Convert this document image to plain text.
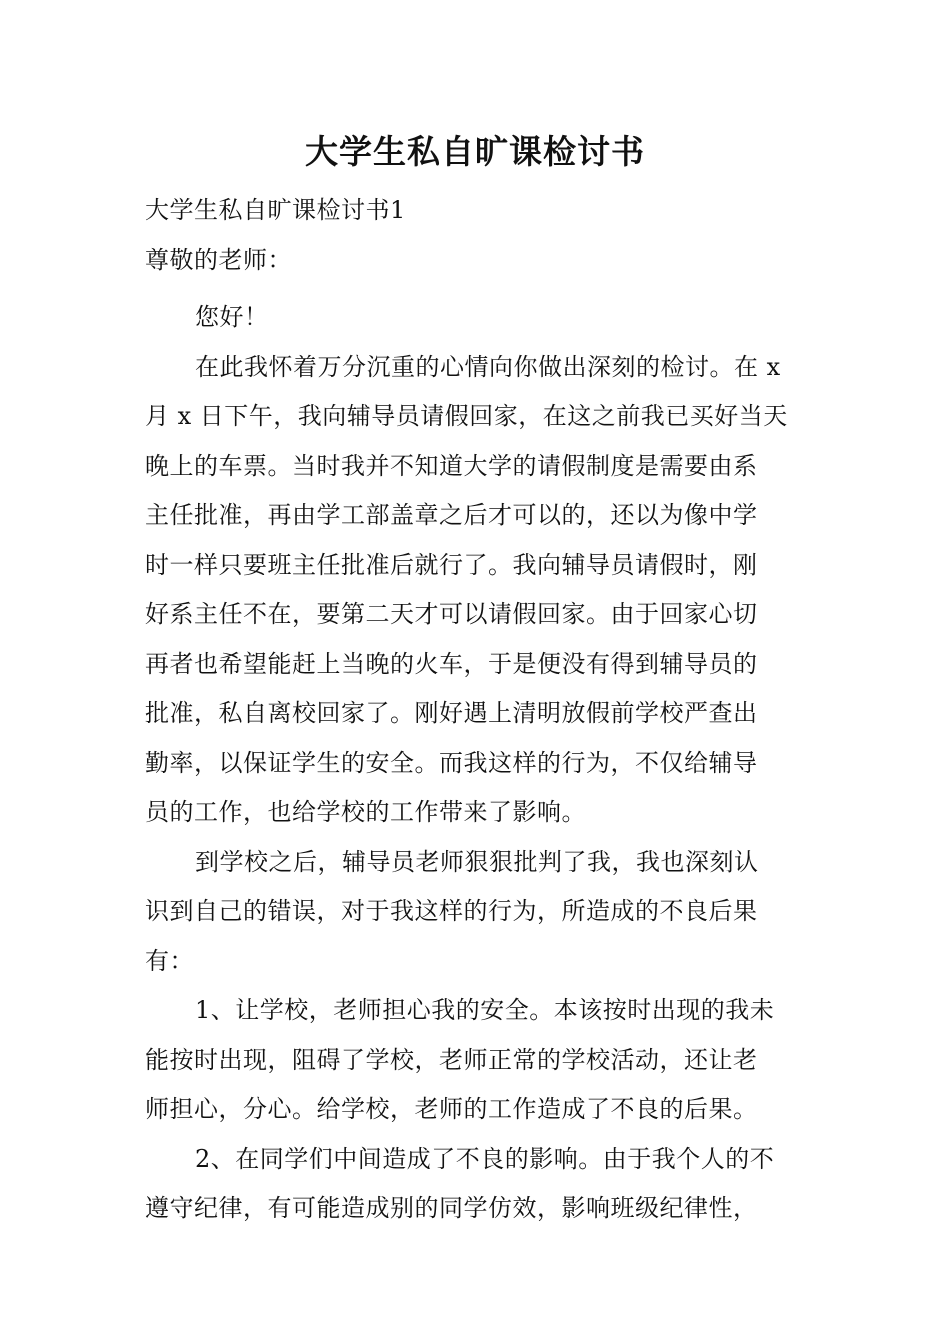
大学生私自旷课检讨书

大学生私自旷课检讨书1

尊敬的老师：

您好！

在此我怀着万分沉重的心情向你做出深刻的检讨。在 x

月 x 日下午，我向辅导员请假回家，在这之前我已买好当天

晚上的车票。当时我并不知道大学的请假制度是需要由系

主任批准，再由学工部盖章之后才可以的，还以为像中学

时一样只要班主任批准后就行了。我向辅导员请假时，刚

好系主任不在，要第二天才可以请假回家。由于回家心切

再者也希望能赶上当晚的火车，于是便没有得到辅导员的

批准，私自离校回家了。刚好遇上清明放假前学校严查出

勤率，以保证学生的安全。而我这样的行为，不仅给辅导

员的工作，也给学校的工作带来了影响。

到学校之后，辅导员老师狠狠批判了我，我也深刻认

识到自己的错误，对于我这样的行为，所造成的不良后果

有：

1、让学校，老师担心我的安全。本该按时出现的我未

能按时出现，阻碍了学校，老师正常的学校活动，还让老

师担心，分心。给学校，老师的工作造成了不良的后果。

2、在同学们中间造成了不良的影响。由于我个人的不

遵守纪律，有可能造成别的同学仿效，影响班级纪律性，
